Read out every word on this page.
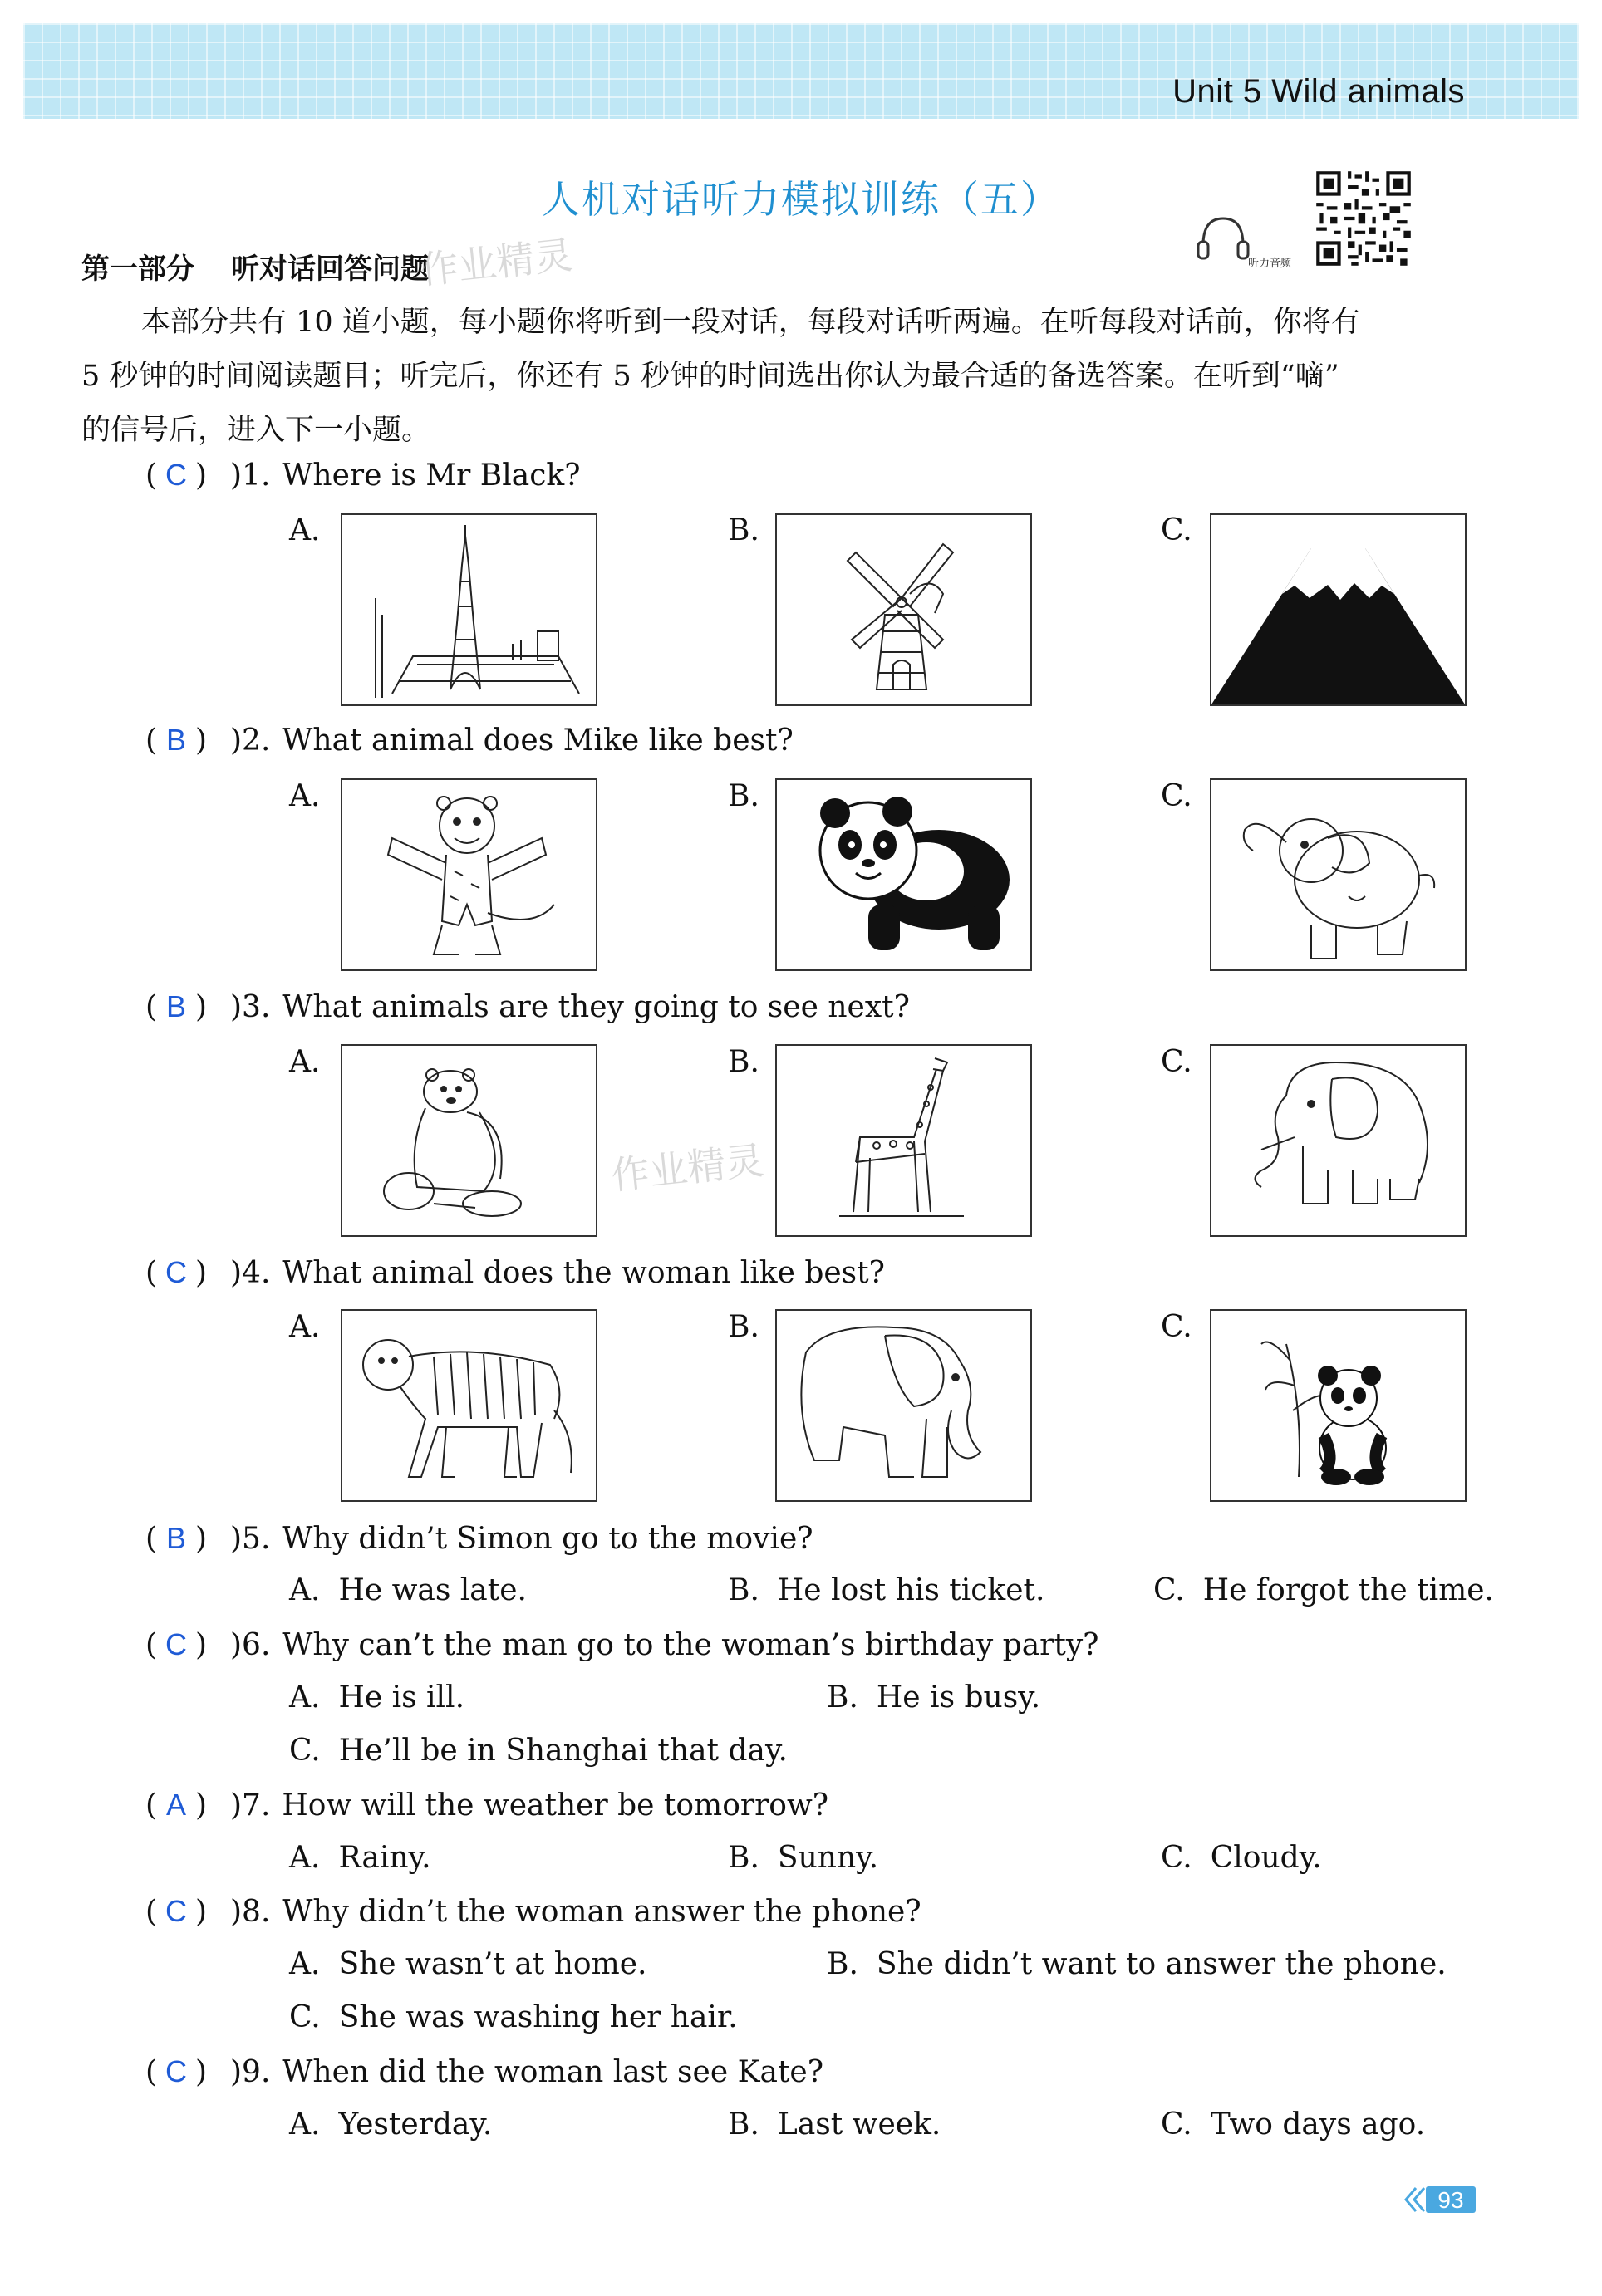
Unit 5 Wild animals
人机对话听力模拟训练（五）
听力音频
第一部分 听对话回答问题
作业精灵
作业精灵

本部分共有 10 道小题，每小题你将听到一段对话，每段对话听两遍。在听每段对话前，你将有

5 秒钟的时间阅读题目；听完后，你还有 5 秒钟的时间选出你认为最合适的备选答案。在听到“嘀”

的信号后，进入下一小题。

( C ) )1. Where is Mr Black?
A.	B.	C.
( B ) )2. What animal does Mike like best?
A.	B.	C.
( B ) )3. What animals are they going to see next?
A.	B.	C.
( C ) )4. What animal does the woman like best?
A.	B.	C.
( B ) )5. Why didn’t Simon go to the movie?
A. He was late.	B. He lost his ticket.	C. He forgot the time.
( C ) )6. Why can’t the man go to the woman’s birthday party?
A. He is ill.	B. He is busy.
C. He’ll be in Shanghai that day.
( A ) )7. How will the weather be tomorrow?
A. Rainy.	B. Sunny.	C. Cloudy.
( C ) )8. Why didn’t the woman answer the phone?
A. She wasn’t at home.	B. She didn’t want to answer the phone.
C. She was washing her hair.
( C ) )9. When did the woman last see Kate?
A. Yesterday.	B. Last week.	C. Two days ago.
93
